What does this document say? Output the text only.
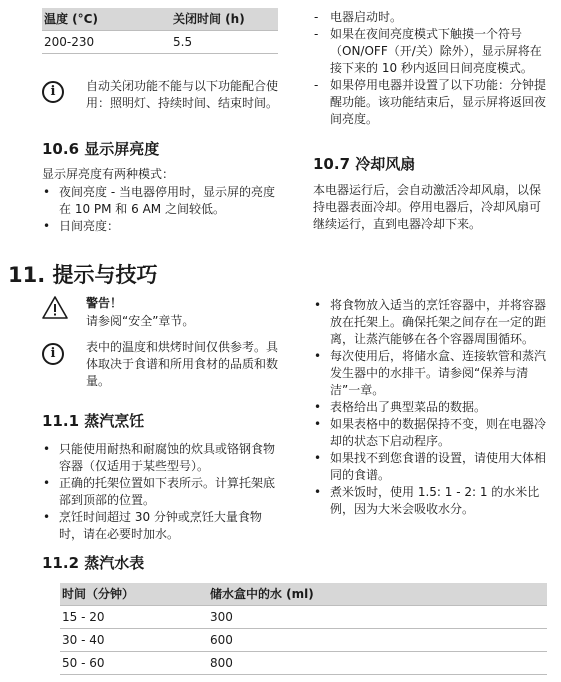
温度 (°C)	关闭时间 (h)
200-230	5.5
i	自动关闭功能不能与以下功能配合使用：照明灯、持续时间、结束时间。

10.6 显示屏亮度

显示屏亮度有两种模式：

• 夜间亮度 - 当电器停用时，显示屏的亮度在 10 PM 和 6 AM 之间较低。
• 日间亮度：
- 电器启动时。
- 如果在夜间亮度模式下触摸一个符号（ON/OFF（开/关）除外），显示屏将在接下来的 10 秒内返回日间亮度模式。
- 如果停用电器并设置了以下功能：分钟提醒功能。该功能结束后，显示屏将返回夜间亮度。
10.7 冷却风扇

本电器运行后，会自动激活冷却风扇，以保持电器表面冷却。停用电器后，冷却风扇可继续运行，直到电器冷却下来。

11. 提示与技巧
警告！
请参阅“安全”章节。
i	表中的温度和烘烤时间仅供参考。具体取决于食谱和所用食材的品质和数量。

11.1 蒸汽烹饪
• 只能使用耐热和耐腐蚀的炊具或铬钢食物容器（仅适用于某些型号）。
• 正确的托架位置如下表所示。计算托架底部到顶部的位置。
• 烹饪时间超过 30 分钟或烹饪大量食物时，请在必要时加水。
• 将食物放入适当的烹饪容器中，并将容器放在托架上。确保托架之间存在一定的距离，让蒸汽能够在各个容器周围循环。
• 每次使用后，将储水盒、连接软管和蒸汽发生器中的水排干。请参阅“保养与清洁”一章。
• 表格给出了典型菜品的数据。
• 如果表格中的数据保持不变，则在电器冷却的状态下启动程序。
• 如果找不到您食谱的设置，请使用大体相同的食谱。
• 煮米饭时，使用 1.5: 1 - 2: 1 的水米比例，因为大米会吸收水分。
11.2 蒸汽水表
时间（分钟）	储水盒中的水 (ml)
15 - 20	300
30 - 40	600
50 - 60	800
